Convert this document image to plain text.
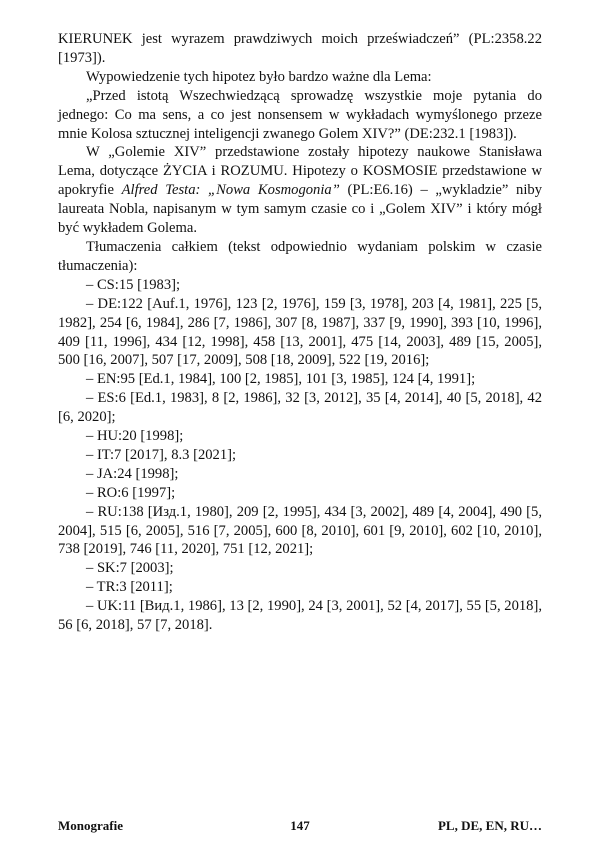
KIERUNEK jest wyrazem prawdziwych moich przeświadczeń” (PL:2358.22 [1973]).

Wypowiedzenie tych hipotez było bardzo ważne dla Lema:

„Przed istotą Wszechwiedzącą sprowadzę wszystkie moje pytania do jednego: Co ma sens, a co jest nonsensem w wykładach wymyślonego przeze mnie Kolosa sztucznej inteligencji zwanego Golem XIV?” (DE:232.1 [1983]).

W „Golemie XIV” przedstawione zostały hipotezy naukowe Stanisława Lema, dotyczące ŻYCIA i ROZUMU. Hipotezy o KOSMOSIE przedstawione w apokryfie Alfred Testa: „Nowa Kosmogonia” (PL:E6.16) – „wykladzie” niby laureata Nobla, napisanym w tym samym czasie co i „Golem XIV” i który mógł być wykładem Golema.

Tłumaczenia całkiem (tekst odpowiednio wydaniam polskim w czasie tłumaczenia):

– CS:15 [1983];

– DE:122 [Auf.1, 1976], 123 [2, 1976], 159 [3, 1978], 203 [4, 1981], 225 [5, 1982], 254 [6, 1984], 286 [7, 1986], 307 [8, 1987], 337 [9, 1990], 393 [10, 1996], 409 [11, 1996], 434 [12, 1998], 458 [13, 2001], 475 [14, 2003], 489 [15, 2005], 500 [16, 2007], 507 [17, 2009], 508 [18, 2009], 522 [19, 2016];

– EN:95 [Ed.1, 1984], 100 [2, 1985], 101 [3, 1985], 124 [4, 1991];

– ES:6 [Ed.1, 1983], 8 [2, 1986], 32 [3, 2012], 35 [4, 2014], 40 [5, 2018], 42 [6, 2020];

– HU:20 [1998];

– IT:7 [2017], 8.3 [2021];

– JA:24 [1998];

– RO:6 [1997];

– RU:138 [Изд.1, 1980], 209 [2, 1995], 434 [3, 2002], 489 [4, 2004], 490 [5, 2004], 515 [6, 2005], 516 [7, 2005], 600 [8, 2010], 601 [9, 2010], 602 [10, 2010], 738 [2019], 746 [11, 2020], 751 [12, 2021];

– SK:7 [2003];

– TR:3 [2011];

– UK:11 [Вид.1, 1986], 13 [2, 1990], 24 [3, 2001], 52 [4, 2017], 55 [5, 2018], 56 [6, 2018], 57 [7, 2018].

Monografie	147	PL, DE, EN, RU…
